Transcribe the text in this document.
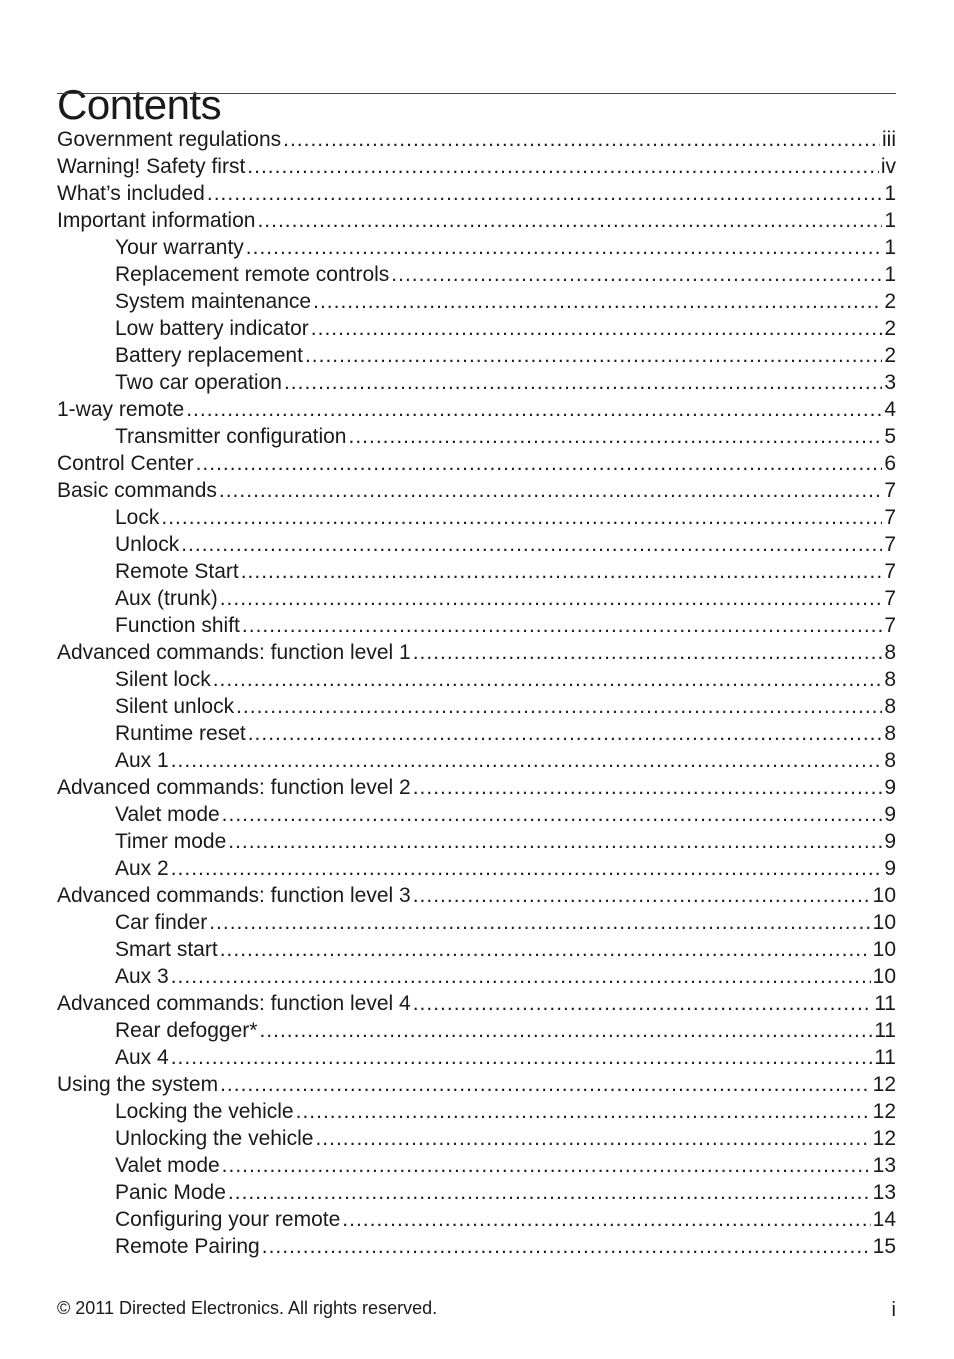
Contents
Government regulations .....	iii
Warning! Safety first .....	iv
What’s included .....	1
Important information .....	1
Your warranty .....	1
Replacement remote controls .....	1
System maintenance .....	2
Low battery indicator .....	2
Battery replacement .....	2
Two car operation .....	3
1-way remote .....	4
Transmitter configuration .....	5
Control Center .....	6
Basic commands .....	7
Lock .....	7
Unlock .....	7
Remote Start .....	7
Aux (trunk) .....	7
Function shift .....	7
Advanced commands: function level 1 .....	8
Silent lock .....	8
Silent unlock .....	8
Runtime reset .....	8
Aux 1 .....	8
Advanced commands: function level 2 .....	9
Valet mode .....	9
Timer mode .....	9
Aux 2 .....	9
Advanced commands: function level 3 .....	10
Car finder .....	10
Smart start .....	10
Aux 3 .....	10
Advanced commands: function level 4 .....	11
Rear defogger* .....	11
Aux 4 .....	11
Using the system .....	12
Locking the vehicle .....	12
Unlocking the vehicle .....	12
Valet mode .....	13
Panic Mode .....	13
Configuring your remote .....	14
Remote Pairing .....	15
© 2011 Directed Electronics. All rights reserved.	i
